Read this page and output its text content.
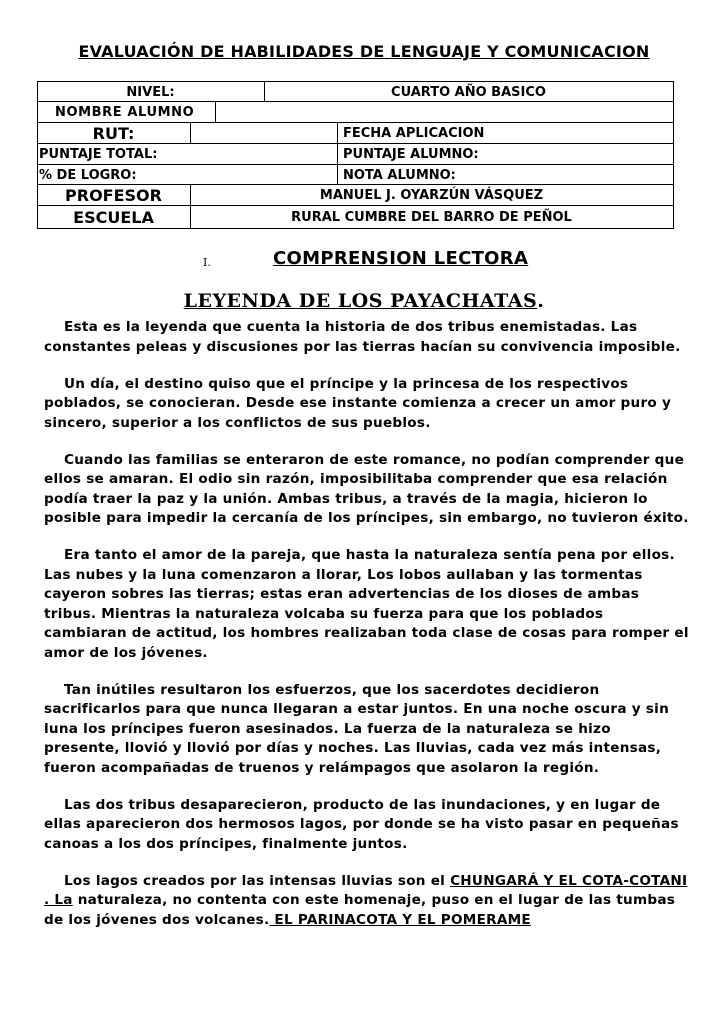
EVALUACIÓN DE HABILIDADES DE LENGUAJE Y COMUNICACION
NIVEL:	CUARTO AÑO BASICO
NOMBRE ALUMNO
RUT:	FECHA APLICACION
PUNTAJE TOTAL:	PUNTAJE ALUMNO:
% DE LOGRO:	NOTA ALUMNO:
PROFESOR	MANUEL J. OYARZÚN VÁSQUEZ
ESCUELA	RURAL CUMBRE DEL BARRO DE PEÑOL
I.	COMPRENSION LECTORA
LEYENDA DE LOS PAYACHATAS.

Esta es la leyenda que cuenta la historia de dos tribus enemistadas. Las constantes peleas y discusiones por las tierras hacían su convivencia imposible.

Un día, el destino quiso que el príncipe y la princesa de los respectivos poblados, se conocieran. Desde ese instante comienza a crecer un amor puro y sincero, superior a los conflictos de sus pueblos.

Cuando las familias se enteraron de este romance, no podían comprender que ellos se amaran. El odio sin razón, imposibilitaba comprender que esa relación podía traer la paz y la unión. Ambas tribus, a través de la magia, hicieron lo posible para impedir la cercanía de los príncipes, sin embargo, no tuvieron éxito.

Era tanto el amor de la pareja, que hasta la naturaleza sentía pena por ellos. Las nubes y la luna comenzaron a llorar, Los lobos aullaban y las tormentas cayeron sobres las tierras; estas eran advertencias de los dioses de ambas tribus. Mientras la naturaleza volcaba su fuerza para que los poblados cambiaran de actitud, los hombres realizaban toda clase de cosas para romper el amor de los jóvenes.

Tan inútiles resultaron los esfuerzos, que los sacerdotes decidieron sacrificarlos para que nunca llegaran a estar juntos. En una noche oscura y sin luna los príncipes fueron asesinados. La fuerza de la naturaleza se hizo presente, llovió y llovió por días y noches. Las lluvias, cada vez más intensas, fueron acompañadas de truenos y relámpagos que asolaron la región.

Las dos tribus desaparecieron, producto de las inundaciones, y en lugar de ellas aparecieron dos hermosos lagos, por donde se ha visto pasar en pequeñas canoas a los dos príncipes, finalmente juntos.

Los lagos creados por las intensas lluvias son el CHUNGARÁ Y EL COTA-COTANI . La naturaleza, no contenta con este homenaje, puso en el lugar de las tumbas de los jóvenes dos volcanes. EL PARINACOTA Y EL POMERAME
